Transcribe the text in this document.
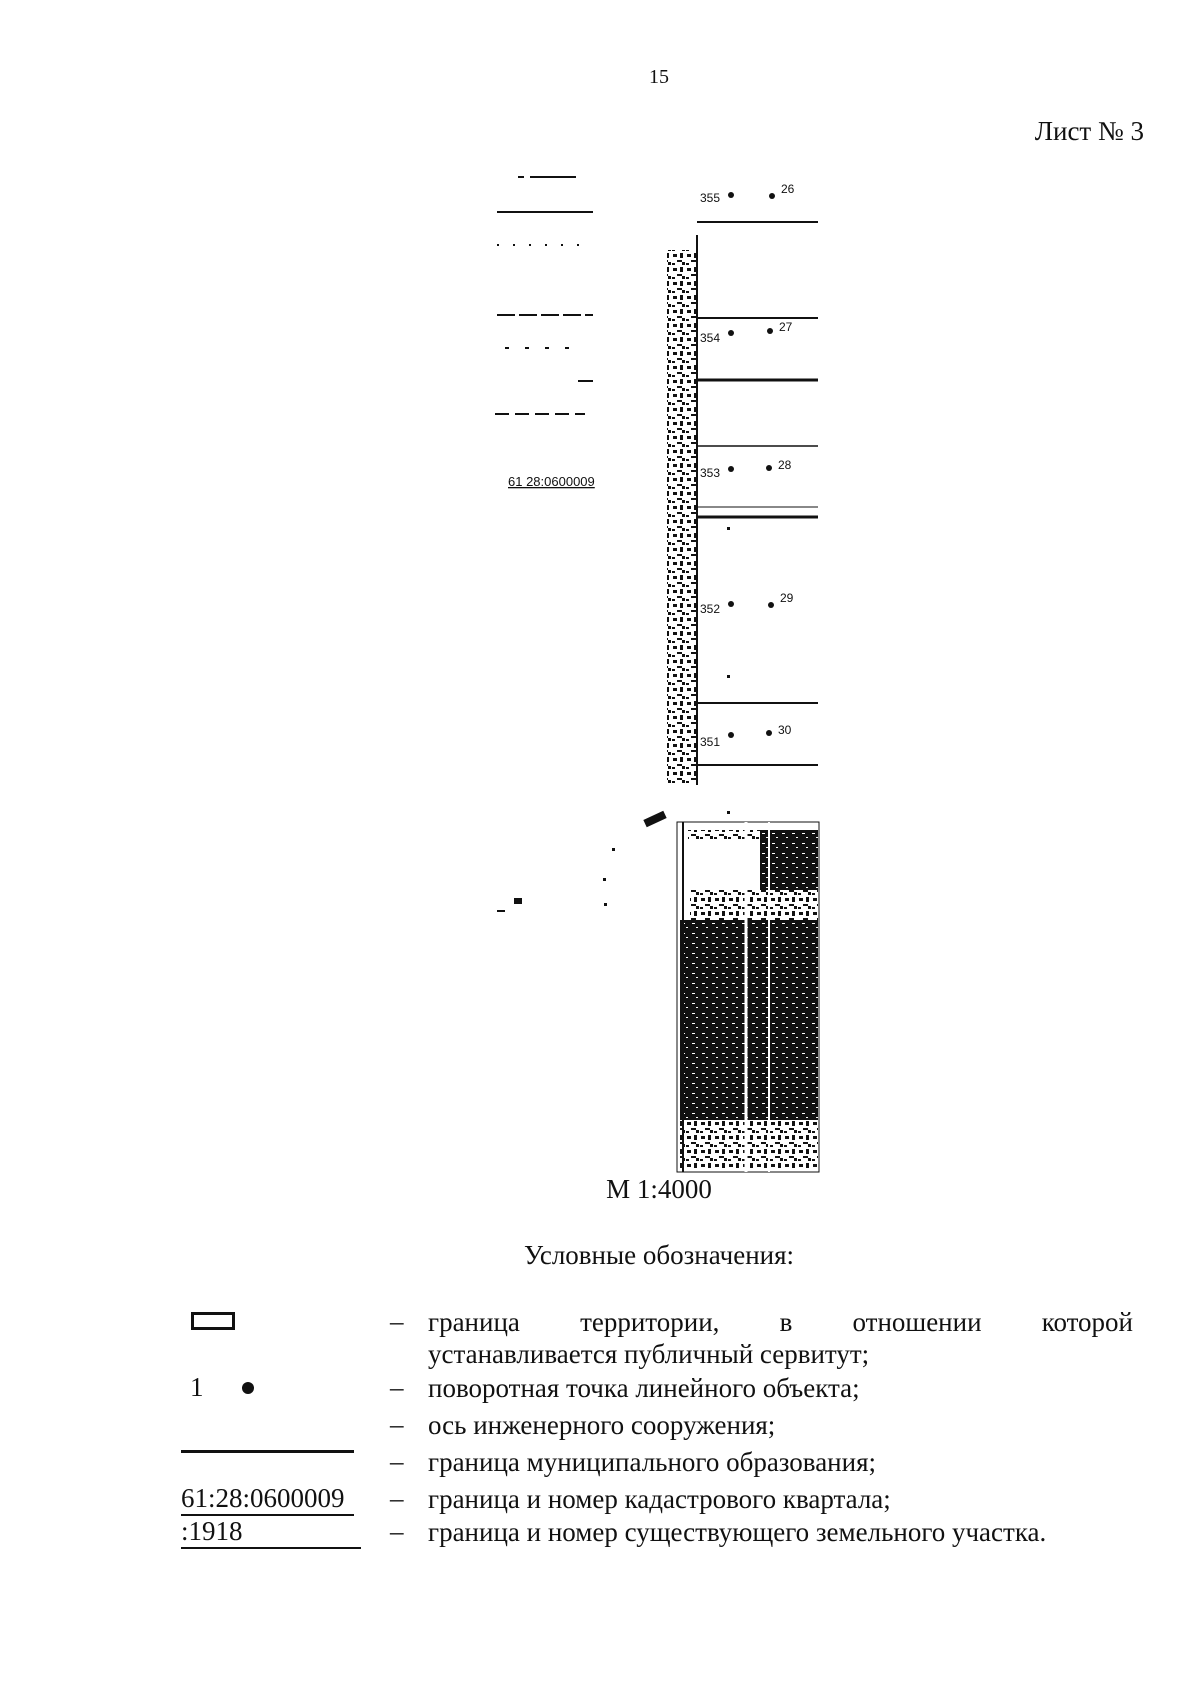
15
Лист № 3
61 28:0600009
355
26
354
27
353
28
352
29
351
30
М 1:4000
Условные обозначения:
– граница территории, в отношении которой
устанавливается публичный сервитут;
1	– поворотная точка линейного объекта;
– ось инженерного сооружения;
– граница муниципального образования;
61:28:0600009	– граница и номер кадастрового квартала;
:1918	– граница и номер существующего земельного участка.
